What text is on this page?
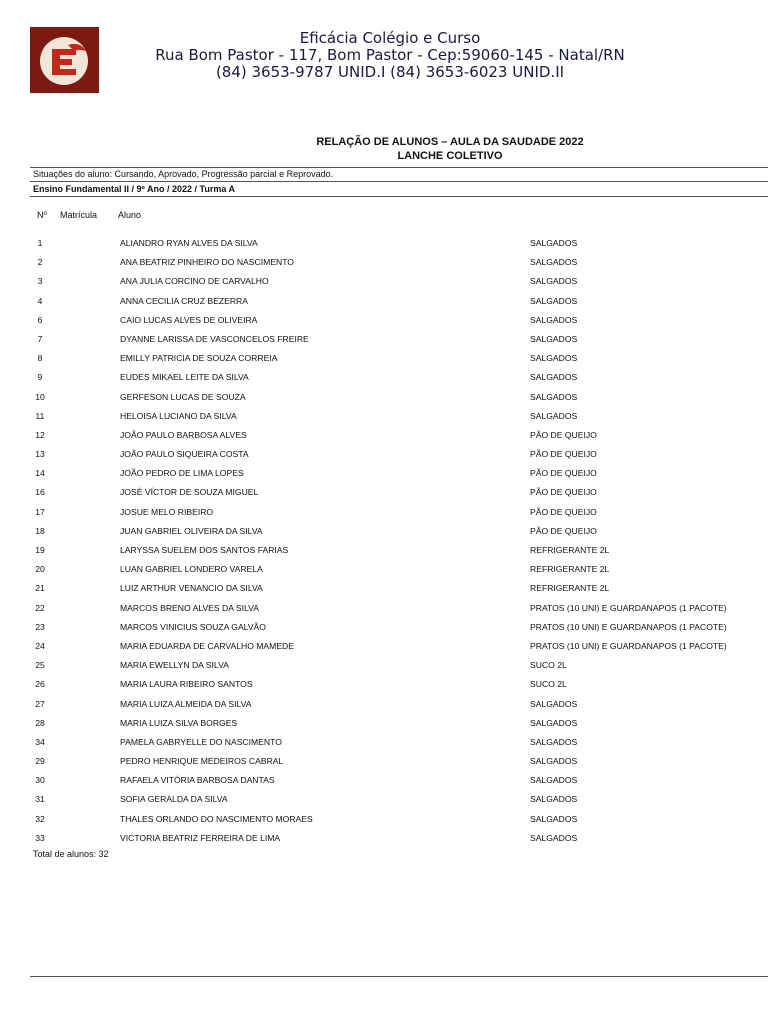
Eficácia Colégio e Curso
Rua Bom Pastor - 117, Bom Pastor - Cep:59060-145 - Natal/RN
(84) 3653-9787 UNID.I (84) 3653-6023 UNID.II
RELAÇÃO DE ALUNOS – AULA DA SAUDADE 2022
LANCHE COLETIVO
Situações do aluno: Cursando, Aprovado, Progressão parcial e Reprovado.
Ensino Fundamental II / 9º Ano / 2022 / Turma A
Nº Matrícula Aluno
1	ALIANDRO RYAN ALVES DA SILVA	SALGADOS
2	ANA BEATRIZ PINHEIRO DO NASCIMENTO	SALGADOS
3	ANA JULIA CORCINO DE CARVALHO	SALGADOS
4	ANNA CECILIA CRUZ BEZERRA	SALGADOS
6	CAIO LUCAS ALVES DE OLIVEIRA	SALGADOS
7	DYANNE LARISSA DE VASCONCELOS FREIRE	SALGADOS
8	EMILLY PATRICIA DE SOUZA CORREIA	SALGADOS
9	EUDES MIKAEL LEITE DA SILVA	SALGADOS
10	GERFESON LUCAS DE SOUZA	SALGADOS
11	HELOISA LUCIANO DA SILVA	SALGADOS
12	JOÃO PAULO BARBOSA ALVES	PÃO DE QUEIJO
13	JOÃO PAULO SIQUEIRA COSTA	PÃO DE QUEIJO
14	JOÃO PEDRO DE LIMA LOPES	PÃO DE QUEIJO
16	JOSÉ VÍCTOR DE SOUZA MIGUEL	PÃO DE QUEIJO
17	JOSUE MELO RIBEIRO	PÃO DE QUEIJO
18	JUAN GABRIEL OLIVEIRA DA SILVA	PÃO DE QUEIJO
19	LARYSSA SUELEM DOS SANTOS FARIAS	REFRIGERANTE 2L
20	LUAN GABRIEL LONDERO VARELA	REFRIGERANTE 2L
21	LUIZ ARTHUR VENANCIO DA SILVA	REFRIGERANTE 2L
22	MARCOS BRENO ALVES DA SILVA	PRATOS (10 UNI) E GUARDANAPOS (1 PACOTE)
23	MARCOS VINICIUS SOUZA GALVÃO	PRATOS (10 UNI) E GUARDANAPOS (1 PACOTE)
24	MARIA EDUARDA DE CARVALHO MAMEDE	PRATOS (10 UNI) E GUARDANAPOS (1 PACOTE)
25	MARIA EWELLYN DA SILVA	SUCO 2L
26	MARIA LAURA RIBEIRO SANTOS	SUCO 2L
27	MARIA LUIZA ALMEIDA DA SILVA	SALGADOS
28	MARIA LUIZA SILVA BORGES	SALGADOS
34	PAMELA GABRYELLE DO NASCIMENTO	SALGADOS
29	PEDRO HENRIQUE MEDEIROS CABRAL	SALGADOS
30	RAFAELA VITÓRIA BARBOSA DANTAS	SALGADOS
31	SOFIA GERALDA DA SILVA	SALGADOS
32	THALES ORLANDO DO NASCIMENTO MORAES	SALGADOS
33	VICTORIA BEATRIZ FERREIRA DE LIMA	SALGADOS
Total de alunos: 32
